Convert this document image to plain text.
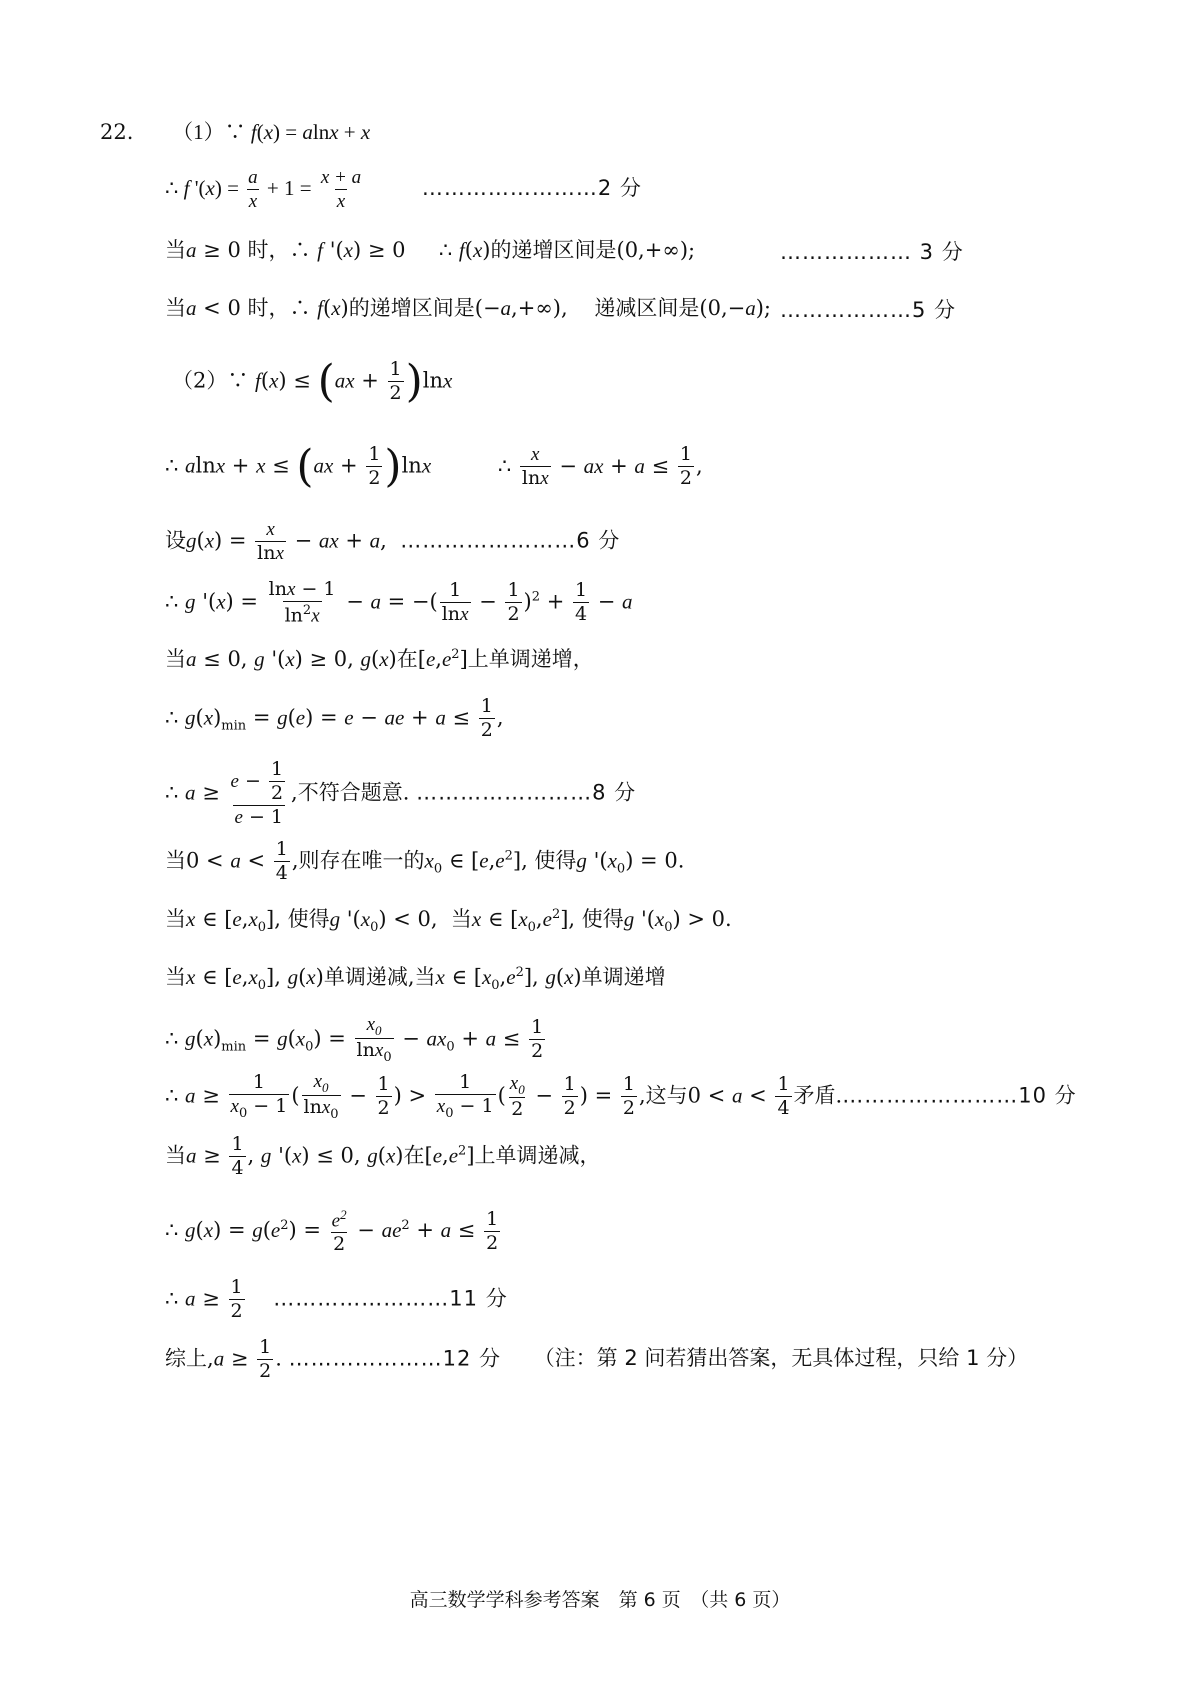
22. （1）∵ f(x) = alnx + x
∴ f '$(x) = \frac{a}{x} + 1 = \frac{x + a}{x}$	……………………2 分
当a ≥ 0 时，∴ f '(x) ≥ 0     ∴ f(x)的递增区间是(0,+∞);	……………… 3 分
当a < 0 时，∴ f(x)的递增区间是(−a,+∞),    递减区间是(0,−a); ………………5 分
（2）∵ $f(x) \le (ax + \frac{1}{2} )\ln x$
∴ $alnx + x \le (ax + \frac{1}{2} )\ln x$	∴ $\frac{x}{\ln x}$ − ax + $a \le \frac{1}{2}$ ,
设$g(x) = \frac{x}{\ln x}$ − ax + a,  ……………………6 分
∴ g '$(x) = \frac{\ln x - 1}{\ln^2x} - a$ = −( $\frac{1}{\ln x} - \frac{1}{2} )^2 + \frac{1}{4} - a$
当a ≤ 0, g '(x) ≥ 0, g(x)在$[e,e^2]$上单调递增，
∴ $g(x)_{min} = g(e) = e$ − ae + $a \le \frac{1}{2}$ ,
∴ $a \ge \frac{e - \frac{1}{2}}{e - 1}$ ,不符合题意. ……………………8 分
当$0 < a < \frac{1}{4}$ ,则存在唯一的$x_0$ ∈ $[e,e^2]$, 使得g '$(x_0) = 0$.
当x ∈ $[e,x_0]$, 使得g '$(x_0) < 0$,  当x ∈ $[x_0,e^2]$, 使得g '$(x_0) > 0$.
当x ∈ $[e,x_0]$, g(x)单调递减,当x ∈ $[x_0,e^2]$, g(x)单调递增
∴ $g(x)_{min} = g(x_0) = \frac{x_0}{\ln x_0} - ax_0 + a \le \frac{1}{2}$
∴ $a \ge \frac{1}{x_0 - 1}$ ( $\frac{x_0}{\ln x_0} - \frac{1}{2}$ ) > $\frac{1}{x_0 - 1}$ ( $\frac{x_0}{2} - \frac{1}{2}$ ) = $\frac{1}{2}$ ,这与$0 < a < \frac{1}{4}$ 矛盾.……………………10 分
当$a \ge \frac{1}{4}$ , g '(x) ≤ 0, g(x)在$[e,e^2]$上单调递减，
∴ $g(x) = g(e^2) = \frac{e^2}{2} - ae^2 + a \le \frac{1}{2}$
∴ $a \ge \frac{1}{2}$ ……………………11 分
综上$,a \ge \frac{1}{2}$ . …………………12 分 （注：第 2 问若猜出答案，无具体过程，只给 1 分）
高三数学学科参考答案　第 6 页　（共 6 页）
